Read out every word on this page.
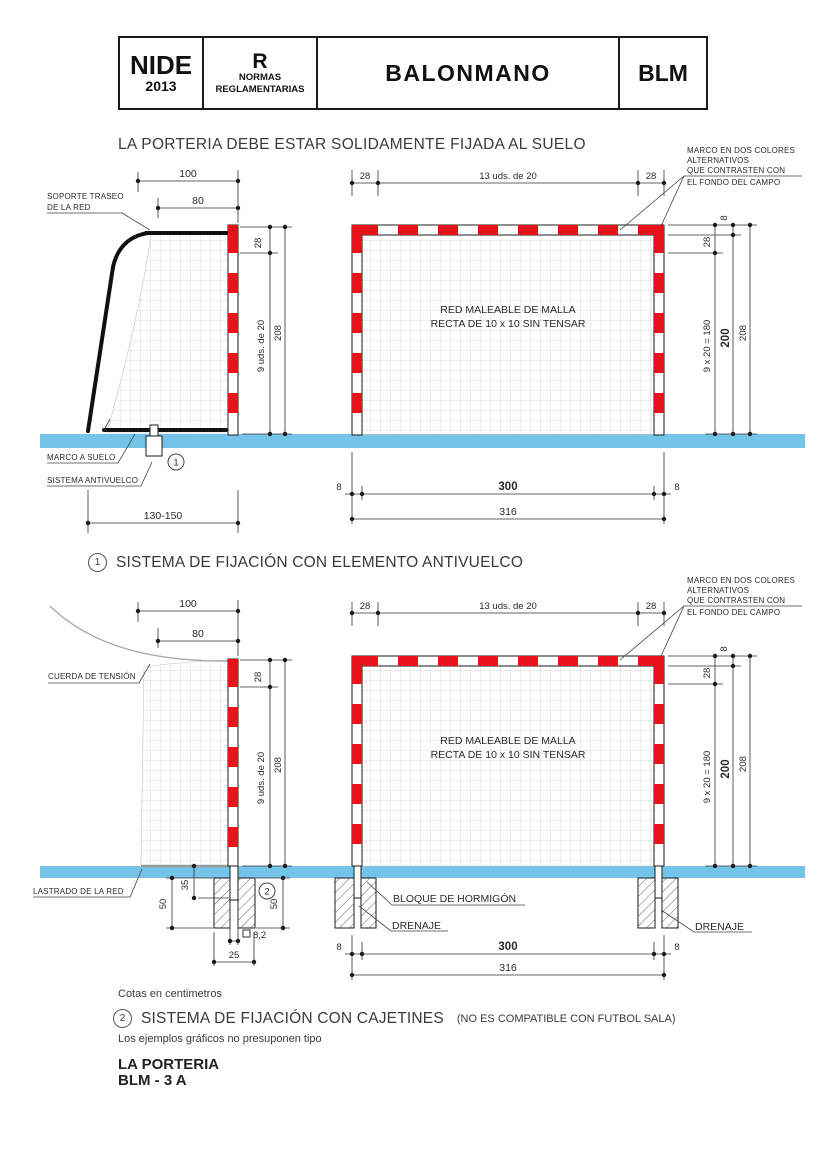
NIDE
2013
R
NORMAS
REGLAMENTARIAS
BALONMANO	BLM
LA PORTERIA DEBE ESTAR SOLIDAMENTE FIJADA AL SUELO
100
80
28
9 uds. de 20 208
130-150
SOPORTE TRASEO
DE LA RED
MARCO A SUELO
SISTEMA ANTIVUELCO
1
RED MALEABLE DE MALLA
RECTA DE 10 x 10 SIN TENSAR
28	13 uds. de 20	28
8	300	8
316
8
28
9 x 20 = 180 200 208
MARCO EN DOS COLORES
ALTERNATIVOS
QUE CONTRASTEN CON
EL FONDO DEL CAMPO
100
80
28
9 uds. de 20 208
50
35
50
2
8,2
25
CUERDA DE TENSIÓN
LASTRADO DE LA RED
RED MALEABLE DE MALLA
RECTA DE 10 x 10 SIN TENSAR
BLOQUE DE HORMIGÓN
DRENAJE	DRENAJE
28	13 uds. de 20	28
8	300	8
316
8
28
9 x 20 = 180 200 208
MARCO EN DOS COLORES
ALTERNATIVOS
QUE CONTRASTEN CON
EL FONDO DEL CAMPO
1	SISTEMA DE FIJACIÓN CON ELEMENTO ANTIVUELCO
Cotas en centimetros
2	SISTEMA DE FIJACIÓN CON CAJETINES (NO ES COMPATIBLE CON FUTBOL SALA)
Los ejemplos gráficos no presuponen tipo
LA PORTERIA
BLM - 3 A
